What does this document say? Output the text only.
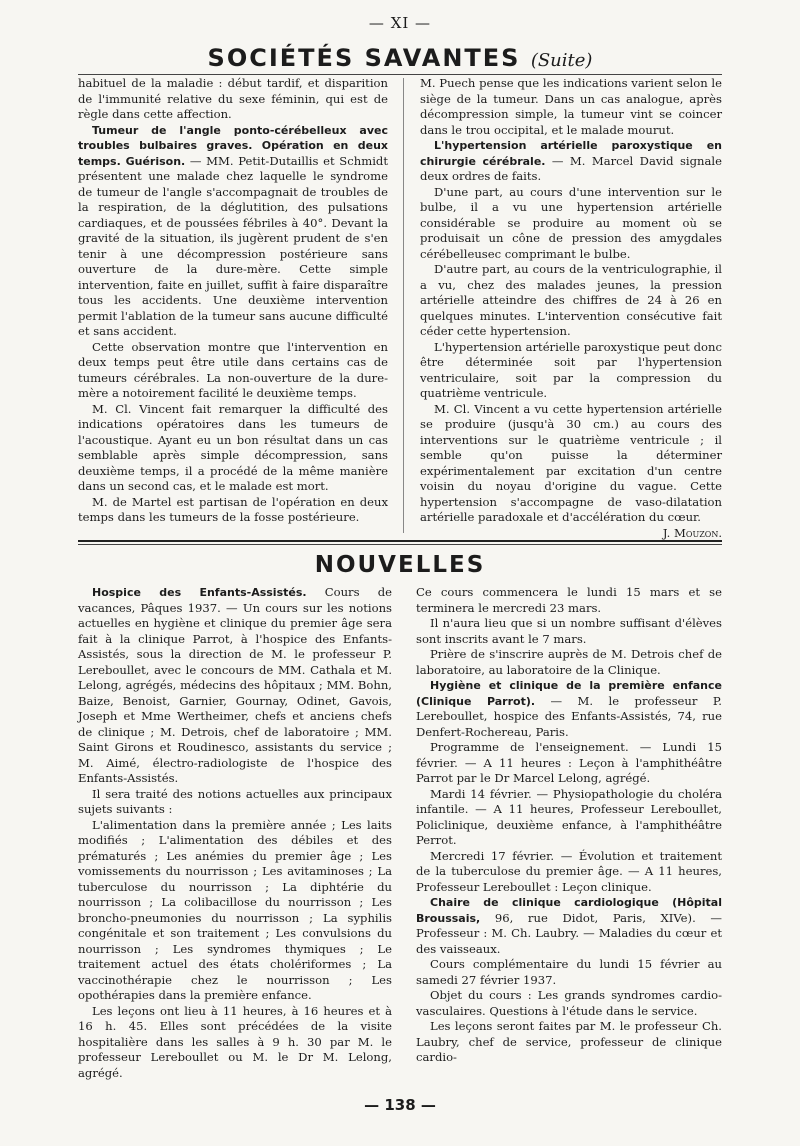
— XI —
SOCIÉTÉS SAVANTES (Suite)

habituel de la maladie : début tardif, et disparition de l'immunité relative du sexe féminin, qui est de règle dans cette affection.

Tumeur de l'angle ponto-cérébelleux avec troubles bulbaires graves. Opération en deux temps. Guérison. — MM. Petit-Dutaillis et Schmidt présentent une malade chez laquelle le syndrome de tumeur de l'angle s'accompagnait de troubles de la respiration, de la déglutition, des pulsations cardiaques, et de poussées fébriles à 40°. Devant la gravité de la situation, ils jugèrent prudent de s'en tenir à une décompression postérieure sans ouverture de la dure-mère. Cette simple intervention, faite en juillet, suffit à faire disparaître tous les accidents. Une deuxième intervention permit l'ablation de la tumeur sans aucune difficulté et sans accident.

Cette observation montre que l'intervention en deux temps peut être utile dans certains cas de tumeurs cérébrales. La non-ouverture de la dure-mère a notoirement facilité le deuxième temps.

M. Cl. Vincent fait remarquer la difficulté des indications opératoires dans les tumeurs de l'acoustique. Ayant eu un bon résultat dans un cas semblable après simple décompression, sans deuxième temps, il a procédé de la même manière dans un second cas, et le malade est mort.

M. de Martel est partisan de l'opération en deux temps dans les tumeurs de la fosse postérieure.

M. Puech pense que les indications varient selon le siège de la tumeur. Dans un cas analogue, après décompression simple, la tumeur vint se coincer dans le trou occipital, et le malade mourut.

L'hypertension artérielle paroxystique en chirurgie cérébrale. — M. Marcel David signale deux ordres de faits.

D'une part, au cours d'une intervention sur le bulbe, il a vu une hypertension artérielle considérable se produire au moment où se produisait un cône de pression des amygdales cérébelleusec comprimant le bulbe.

D'autre part, au cours de la ventriculographie, il a vu, chez des malades jeunes, la pression artérielle atteindre des chiffres de 24 à 26 en quelques minutes. L'intervention consécutive fait céder cette hypertension.

L'hypertension artérielle paroxystique peut donc être déterminée soit par l'hypertension ventriculaire, soit par la compression du quatrième ventricule.

M. Cl. Vincent a vu cette hypertension artérielle se produire (jusqu'à 30 cm.) au cours des interventions sur le quatrième ventricule ; il semble qu'on puisse la déterminer expérimentalement par excitation d'un centre voisin du noyau d'origine du vague. Cette hypertension s'accompagne de vaso-dilatation artérielle paradoxale et d'accélération du cœur.

J. Mouzon.

NOUVELLES

Hospice des Enfants-Assistés. Cours de vacances, Pâques 1937. — Un cours sur les notions actuelles en hygiène et clinique du premier âge sera fait à la clinique Parrot, à l'hospice des Enfants-Assistés, sous la direction de M. le professeur P. Lereboullet, avec le concours de MM. Cathala et M. Lelong, agrégés, médecins des hôpitaux ; MM. Bohn, Baize, Benoist, Garnier, Gournay, Odinet, Gavois, Joseph et Mme Wertheimer, chefs et anciens chefs de clinique ; M. Detrois, chef de laboratoire ; MM. Saint Girons et Roudinesco, assistants du service ; M. Aimé, électro-radiologiste de l'hospice des Enfants-Assistés.

Il sera traité des notions actuelles aux principaux sujets suivants :

L'alimentation dans la première année ; Les laits modifiés ; L'alimentation des débiles et des prématurés ; Les anémies du premier âge ; Les vomissements du nourrisson ; Les avitaminoses ; La tuberculose du nourrisson ; La diphtérie du nourrisson ; La colibacillose du nourrisson ; Les broncho-pneumonies du nourrisson ; La syphilis congénitale et son traitement ; Les convulsions du nourrisson ; Les syndromes thymiques ; Le traitement actuel des états cholériformes ; La vaccinothérapie chez le nourrisson ; Les opothérapies dans la première enfance.

Les leçons ont lieu à 11 heures, à 16 heures et à 16 h. 45. Elles sont précédées de la visite hospitalière dans les salles à 9 h. 30 par M. le professeur Lereboullet ou M. le Dr M. Lelong, agrégé.

Ce cours commencera le lundi 15 mars et se terminera le mercredi 23 mars.

Il n'aura lieu que si un nombre suffisant d'élèves sont inscrits avant le 7 mars.

Prière de s'inscrire auprès de M. Detrois chef de laboratoire, au laboratoire de la Clinique.

Hygiène et clinique de la première enfance (Clinique Parrot). — M. le professeur P. Lereboullet, hospice des Enfants-Assistés, 74, rue Denfert-Rochereau, Paris.

Programme de l'enseignement. — Lundi 15 février. — A 11 heures : Leçon à l'amphithéâtre Parrot par le Dr Marcel Lelong, agrégé.

Mardi 14 février. — Physiopathologie du choléra infantile. — A 11 heures, Professeur Lereboullet, Policlinique, deuxième enfance, à l'amphithéâtre Perrot.

Mercredi 17 février. — Évolution et traitement de la tuberculose du premier âge. — A 11 heures, Professeur Lereboullet : Leçon clinique.

Chaire de clinique cardiologique (Hôpital Broussais, 96, rue Didot, Paris, XIVe). — Professeur : M. Ch. Laubry. — Maladies du cœur et des vaisseaux.

Cours complémentaire du lundi 15 février au samedi 27 février 1937.

Objet du cours : Les grands syndromes cardio-vasculaires. Questions à l'étude dans le service.

Les leçons seront faites par M. le professeur Ch. Laubry, chef de service, professeur de clinique cardio-

— 138 —
